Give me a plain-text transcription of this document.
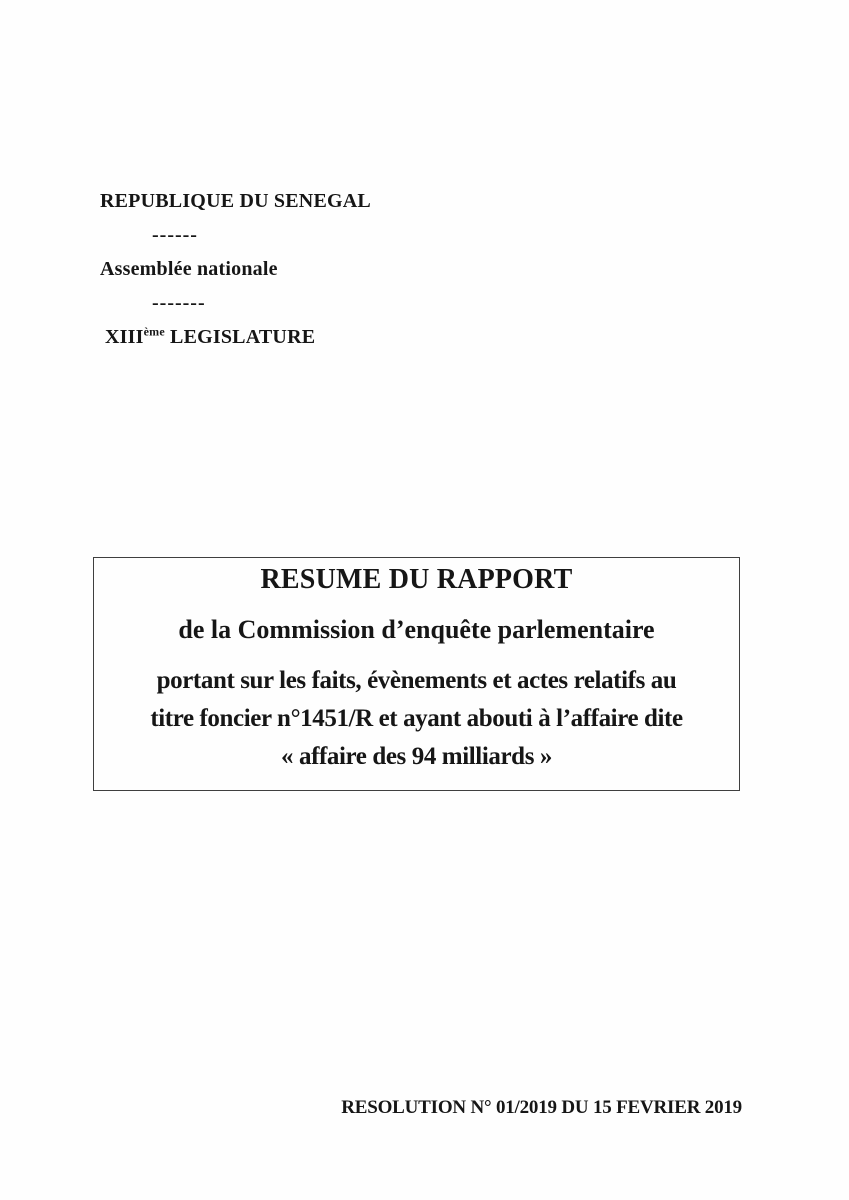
REPUBLIQUE DU SENEGAL
------
Assemblée nationale
-------
XIIIème LEGISLATURE
RESUME DU RAPPORT
de la Commission d’enquête parlementaire
portant sur les faits, évènements et actes relatifs au
titre foncier n°1451/R et ayant abouti à l’affaire dite
« affaire des 94 milliards »
RESOLUTION N° 01/2019 DU 15 FEVRIER 2019
